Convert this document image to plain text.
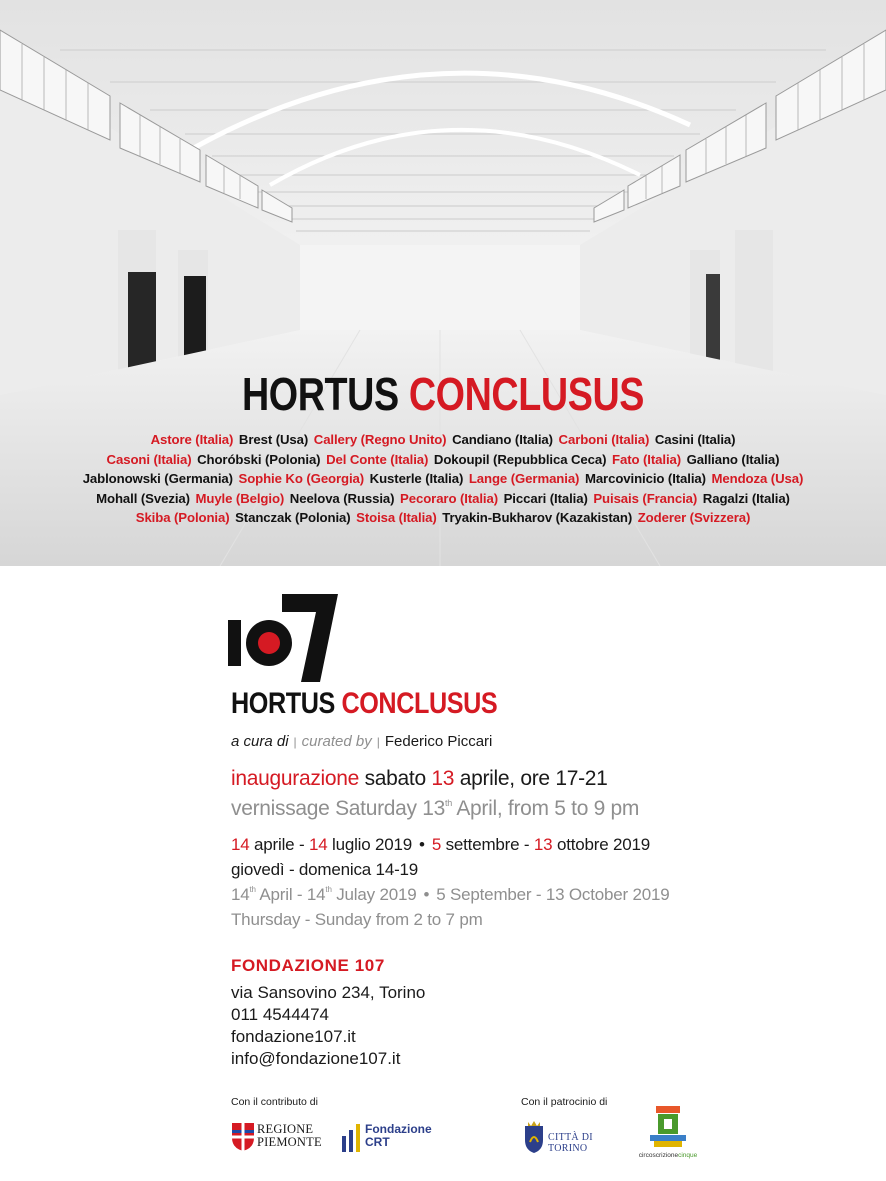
HORTUS CONCLUSUS
Astore (Italia) Brest (Usa) Callery (Regno Unito) Candiano (Italia) Carboni (Italia) Casini (Italia)
Casoni (Italia) Choróbski (Polonia) Del Conte (Italia) Dokoupil (Repubblica Ceca) Fato (Italia) Galliano (Italia)
Jablonowski (Germania) Sophie Ko (Georgia) Kusterle (Italia) Lange (Germania) Marcovinicio (Italia) Mendoza (Usa)
Mohall (Svezia) Muyle (Belgio) Neelova (Russia) Pecoraro (Italia) Piccari (Italia) Puisais (Francia) Ragalzi (Italia)
Skiba (Polonia) Stanczak (Polonia) Stoisa (Italia) Tryakin-Bukharov (Kazakistan) Zoderer (Svizzera)
HORTUS CONCLUSUS
a cura di | curated by | Federico Piccari
inaugurazione sabato 13 aprile, ore 17-21
vernissage Saturday 13th April, from 5 to 9 pm
14 aprile - 14 luglio 2019 • 5 settembre - 13 ottobre 2019
giovedì - domenica 14-19
14th April - 14th Julay 2019 • 5 September - 13 October 2019
Thursday - Sunday from 2 to 7 pm
FONDAZIONE 107
via Sansovino 234, Torino
011 4544474
fondazione107.it
info@fondazione107.it
Con il contributo di	Con il patrocinio di
REGIONE
PIEMONTE
Fondazione
CRT	CITTÀ DI TORINO
circoscrizionecinque
